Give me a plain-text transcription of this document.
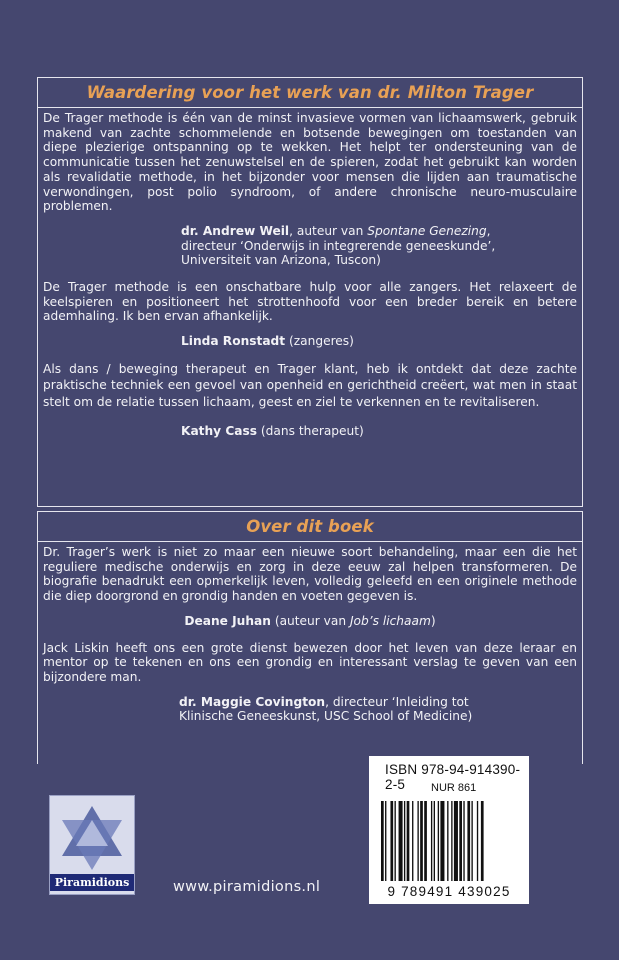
Waardering voor het werk van dr. Milton Trager

De Trager methode is één van de minst invasieve vormen van lichaamswerk, gebruik makend van zachte schommelende en botsende bewegingen om toestanden van diepe plezierige ontspanning op te wekken. Het helpt ter ondersteuning van de communicatie tussen het zenuwstelsel en de spieren, zodat het gebruikt kan worden als revalidatie methode, in het bijzonder voor mensen die lijden aan traumatische verwondingen, post polio syndroom, of andere chronische neuro-musculaire problemen.

dr. Andrew Weil, auteur van Spontane Genezing,
directeur ‘Onderwijs in integrerende geneeskunde’,
Universiteit van Arizona, Tuscon)

De Trager methode is een onschatbare hulp voor alle zangers. Het relaxeert de keelspieren en positioneert het strottenhoofd voor een breder bereik en betere ademhaling. Ik ben ervan afhankelijk.

Linda Ronstadt (zangeres)

Als dans / beweging therapeut en Trager klant, heb ik ontdekt dat deze zachte praktische techniek een gevoel van openheid en gerichtheid creëert, wat men in staat stelt om de relatie tussen lichaam, geest en ziel te verkennen en te revitaliseren.

Kathy Cass (dans therapeut)
Over dit boek

Dr. Trager’s werk is niet zo maar een nieuwe soort behandeling, maar een die het reguliere medische onderwijs en zorg in deze eeuw zal helpen transformeren. De biografie benadrukt een opmerkelijk leven, volledig geleefd en een originele methode die diep doorgrond en grondig handen en voeten gegeven is.

Deane Juhan (auteur van Job’s lichaam)

Jack Liskin heeft ons een grote dienst bewezen door het leven van deze leraar en mentor op te tekenen en ons een grondig en interessant verslag te geven van een bijzondere man.

dr. Maggie Covington, directeur ‘Inleiding tot
Klinische Geneeskunst, USC School of Medicine)
Piramidions	www.piramidions.nl
ISBN 978-94-914390-2-5	NUR 861
9 789491 439025
